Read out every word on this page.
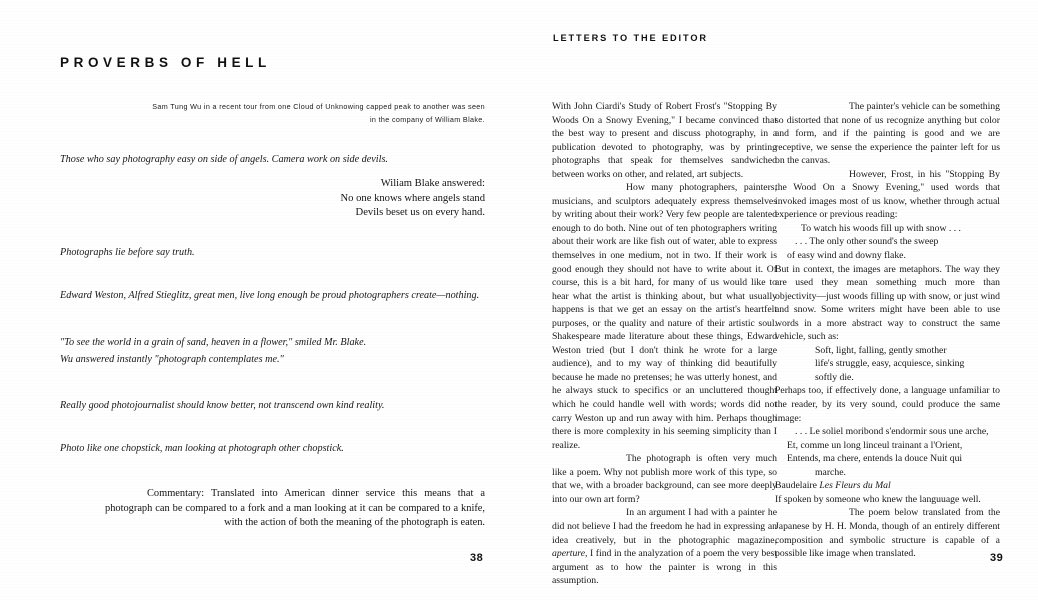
PROVERBS OF HELL
Sam Tung Wu in a recent tour from one Cloud of Unknowing capped peak to another was seen in the company of William Blake.
Those who say photography easy on side of angels. Camera work on side devils.
Wiliam Blake answered:
No one knows where angels stand
Devils beset us on every hand.
Photographs lie before say truth.
Edward Weston, Alfred Stieglitz, great men, live long enough be proud photographers create—nothing.
"To see the world in a grain of sand, heaven in a flower," smiled Mr. Blake.
Wu answered instantly "photograph contemplates me."
Really good photojournalist should know better, not transcend own kind reality.
Photo like one chopstick, man looking at photograph other chopstick.
Commentary: Translated into American dinner service this means that a photograph can be compared to a fork and a man looking at it can be compared to a knife, with the action of both the meaning of the photograph is eaten.
38
LETTERS TO THE EDITOR

With John Ciardi's Study of Robert Frost's "Stopping By Woods On a Snowy Evening," I became convinced that the best way to present and discuss photography, in a publication devoted to photography, was by printing photographs that speak for themselves sandwiched between works on other, and related, art subjects.

How many photographers, painters, musicians, and sculptors adequately express themselves by writing about their work? Very few people are talented enough to do both. Nine out of ten photographers writing about their work are like fish out of water, able to express themselves in one medium, not in two. If their work is good enough they should not have to write about it. Of course, this is a bit hard, for many of us would like to hear what the artist is thinking about, but what usually happens is that we get an essay on the artist's heartfelt purposes, or the quality and nature of their artistic soul. Shakespeare made literature about these things, Edward Weston tried (but I don't think he wrote for a large audience), and to my way of thinking did beautifully because he made no pretenses; he was utterly honest, and he always stuck to specifics or an uncluttered thought which he could handle well with words; words did not carry Weston up and run away with him. Perhaps though there is more complexity in his seeming simplicity than I realize.

The photograph is often very much like a poem. Why not publish more work of this type, so that we, with a broader background, can see more deeply into our own art form?

In an argument I had with a painter he did not believe I had the freedom he had in expressing an idea creatively, but in the photographic magazine, aperture, I find in the analyzation of a poem the very best argument as to how the painter is wrong in this assumption.

The painter's vehicle can be something so distorted that none of us recognize anything but color and form, and if the painting is good and we are receptive, we sense the experience the painter left for us on the canvas.

However, Frost, in his "Stopping By the Wood On a Snowy Evening," used words that invoked images most of us know, whether through actual experience or previous reading:

To watch his woods fill up with snow . . .
. . . The only other sound's the sweep
of easy wind and downy flake.

But in context, the images are metaphors. The way they are used they mean something much more than objectivity—just woods filling up with snow, or just wind and snow. Some writers might have been able to use words in a more abstract way to construct the same vehicle, such as:

Soft, light, falling, gently smother
life's struggle, easy, acquiesce, sinking
softly die.

Perhaps too, if effectively done, a language unfamiliar to the reader, by its very sound, could produce the same image:

. . . Le soliel moribond s'endormir sous une arche,
Et, comme un long linceul trainant a l'Orient,
Entends, ma chere, entends la douce Nuit qui
marche.

Baudelaire Les Fleurs du Mal

If spoken by someone who knew the languuage well.

The poem below translated from the Japanese by H. H. Monda, though of an entirely different composition and symbolic structure is capable of a possible like image when translated.	39
